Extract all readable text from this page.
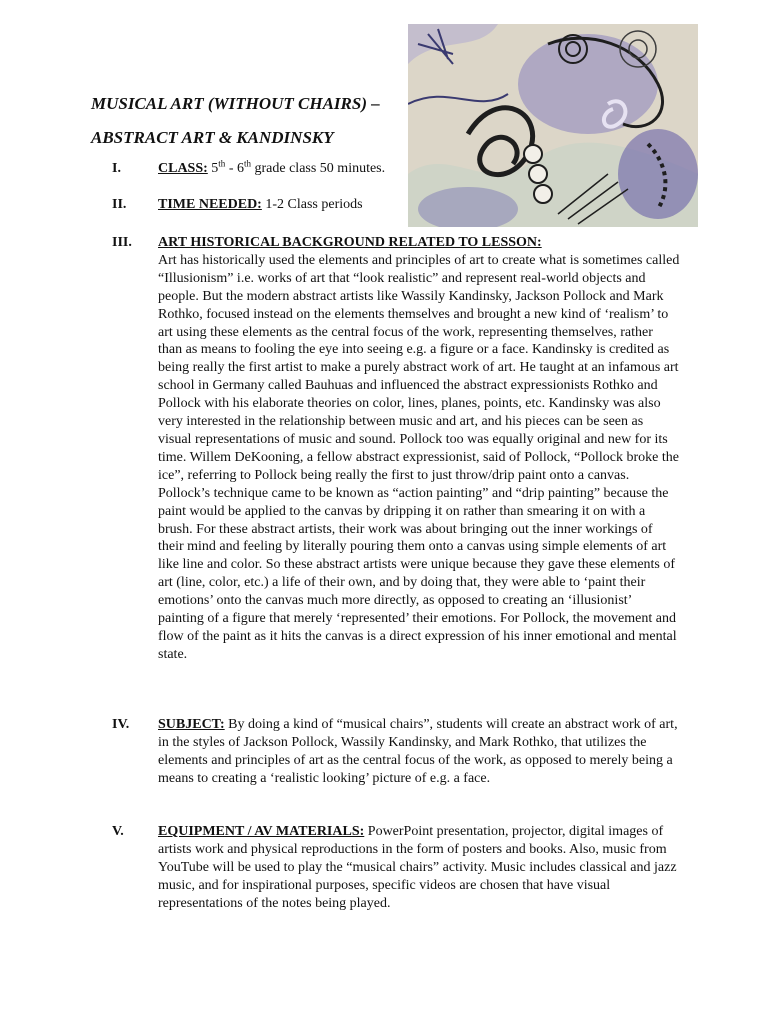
MUSICAL ART (WITHOUT CHAIRS) –
ABSTRACT ART & KANDINSKY
I.	CLASS: 5th - 6th grade class 50 minutes.
II. TIME NEEDED: 1-2 Class periods
III. ART HISTORICAL BACKGROUND RELATED TO LESSON:
Art has historically used the elements and principles of art to create what is sometimes called “Illusionism” i.e. works of art that “look realistic” and represent real-world objects and people. But the modern abstract artists like Wassily Kandinsky, Jackson Pollock and Mark Rothko, focused instead on the elements themselves and brought a new kind of ‘realism’ to art using these elements as the central focus of the work, representing themselves, rather than as means to fooling the eye into seeing e.g. a figure or a face. Kandinsky is credited as being really the first artist to make a purely abstract work of art. He taught at an infamous art school in Germany called Bauhuas and influenced the abstract expressionists Rothko and Pollock with his elaborate theories on color, lines, planes, points, etc. Kandinsky was also very interested in the relationship between music and art, and his pieces can be seen as visual representations of music and sound. Pollock too was equally original and new for its time. Willem DeKooning, a fellow abstract expressionist, said of Pollock, “Pollock broke the ice”, referring to Pollock being really the first to just throw/drip paint onto a canvas. Pollock’s technique came to be known as “action painting” and “drip painting” because the paint would be applied to the canvas by dripping it on rather than smearing it on with a brush. For these abstract artists, their work was about bringing out the inner workings of their mind and feeling by literally pouring them onto a canvas using simple elements of art like line and color. So these abstract artists were unique because they gave these elements of art (line, color, etc.) a life of their own, and by doing that, they were able to ‘paint their emotions’ onto the canvas much more directly, as opposed to creating an ‘illusionist’ painting of a figure that merely ‘represented’ their emotions. For Pollock, the movement and flow of the paint as it hits the canvas is a direct expression of his inner emotional and mental state.
IV. SUBJECT: By doing a kind of “musical chairs”, students will create an abstract work of art, in the styles of Jackson Pollock, Wassily Kandinsky, and Mark Rothko, that utilizes the elements and principles of art as the central focus of the work, as opposed to merely being a means to creating a ‘realistic looking’ picture of e.g. a face.
V. EQUIPMENT / AV MATERIALS: PowerPoint presentation, projector, digital images of artists work and physical reproductions in the form of posters and books. Also, music from YouTube will be used to play the “musical chairs” activity. Music includes classical and jazz music, and for inspirational purposes, specific videos are chosen that have visual representations of the notes being played.
